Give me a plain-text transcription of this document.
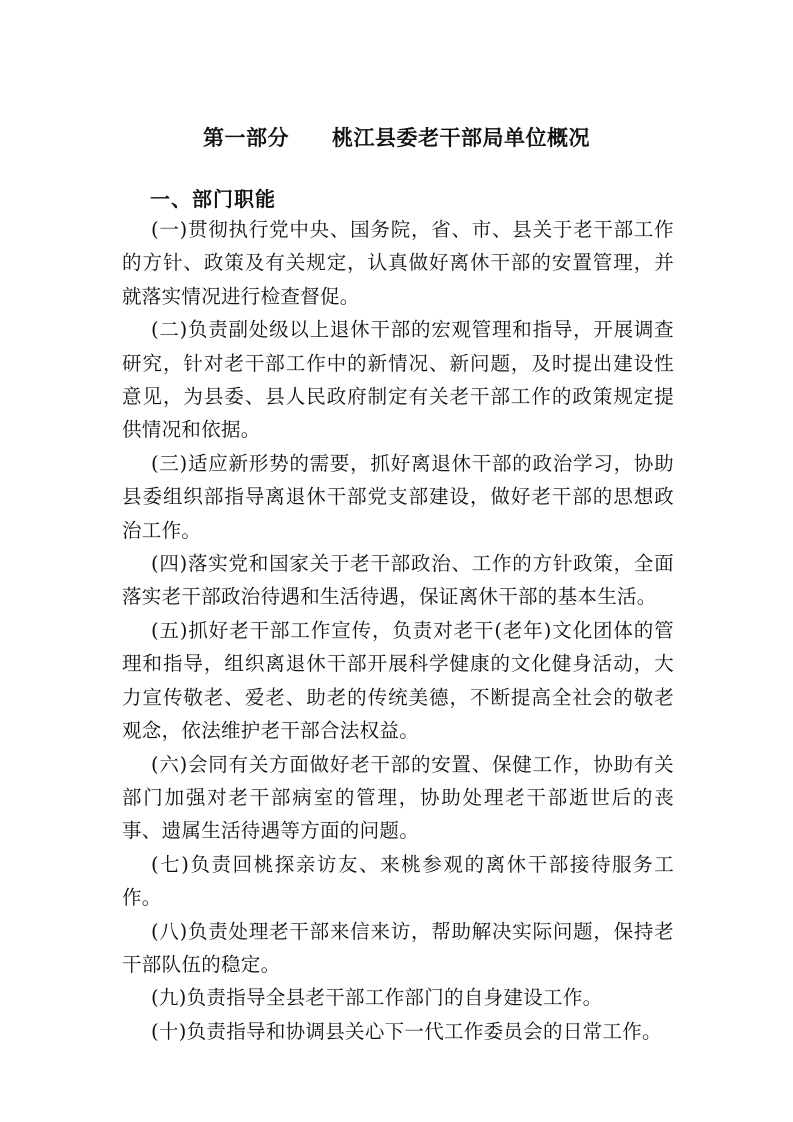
第一部分　　桃江县委老干部局单位概况
一、部门职能

(一)贯彻执行党中央、国务院，省、市、县关于老干部工作的方针、政策及有关规定，认真做好离休干部的安置管理，并就落实情况进行检查督促。

(二)负责副处级以上退休干部的宏观管理和指导，开展调查研究，针对老干部工作中的新情况、新问题，及时提出建设性意见，为县委、县人民政府制定有关老干部工作的政策规定提供情况和依据。

(三)适应新形势的需要，抓好离退休干部的政治学习，协助县委组织部指导离退休干部党支部建设，做好老干部的思想政治工作。

(四)落实党和国家关于老干部政治、工作的方针政策，全面落实老干部政治待遇和生活待遇，保证离休干部的基本生活。

(五)抓好老干部工作宣传，负责对老干(老年)文化团体的管理和指导，组织离退休干部开展科学健康的文化健身活动，大力宣传敬老、爱老、助老的传统美德，不断提高全社会的敬老观念，依法维护老干部合法权益。

(六)会同有关方面做好老干部的安置、保健工作，协助有关部门加强对老干部病室的管理，协助处理老干部逝世后的丧事、遗属生活待遇等方面的问题。

(七)负责回桃探亲访友、来桃参观的离休干部接待服务工作。

(八)负责处理老干部来信来访，帮助解决实际问题，保持老干部队伍的稳定。

(九)负责指导全县老干部工作部门的自身建设工作。

(十)负责指导和协调县关心下一代工作委员会的日常工作。
